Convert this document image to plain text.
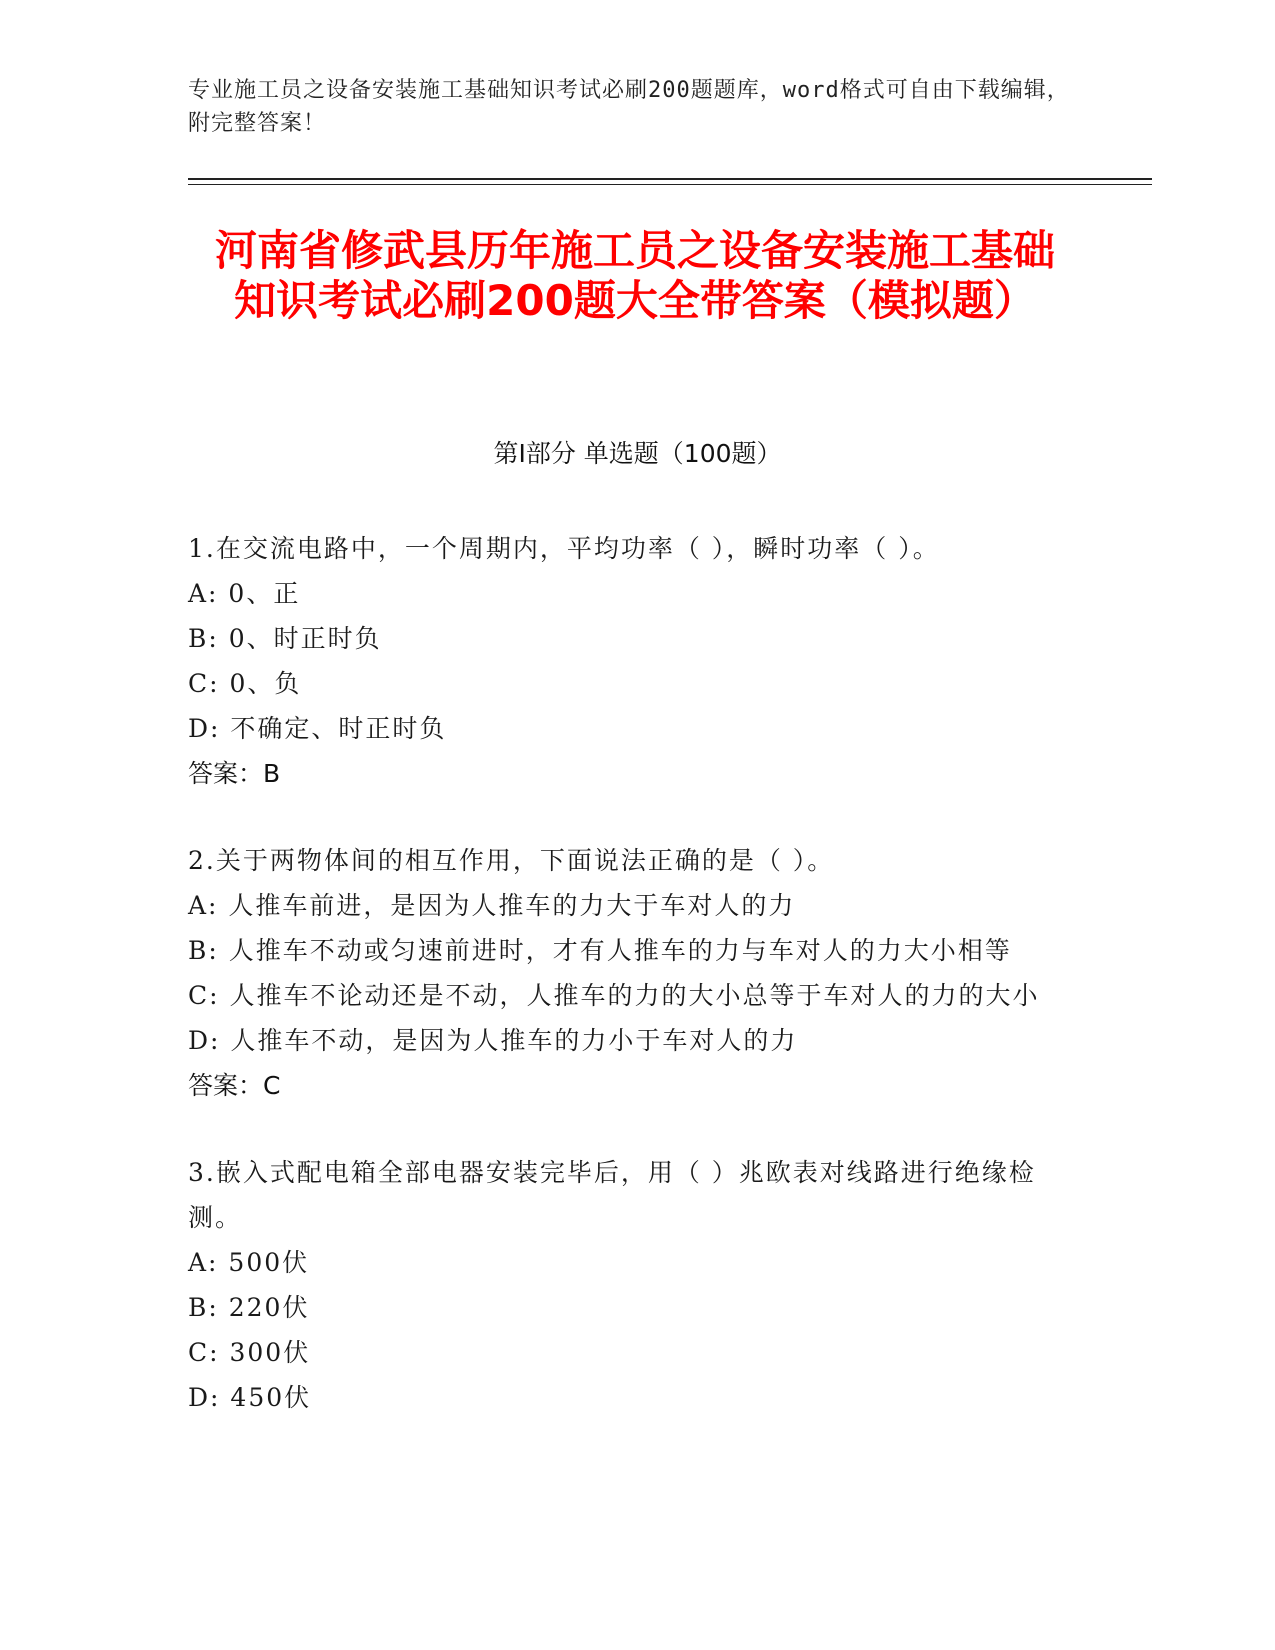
专业施工员之设备安装施工基础知识考试必刷200题题库，word格式可自由下载编辑，附完整答案！
河南省修武县历年施工员之设备安装施工基础知识考试必刷200题大全带答案（模拟题）
第Ⅰ部分 单选题（100题）
1.在交流电路中，一个周期内，平均功率（ ），瞬时功率（ ）。
A: 0、正
B: 0、时正时负
C: 0、负
D: 不确定、时正时负
答案：B
2.关于两物体间的相互作用，下面说法正确的是（ ）。
A: 人推车前进，是因为人推车的力大于车对人的力
B: 人推车不动或匀速前进时，才有人推车的力与车对人的力大小相等
C: 人推车不论动还是不动，人推车的力的大小总等于车对人的力的大小
D: 人推车不动，是因为人推车的力小于车对人的力
答案：C
3.嵌入式配电箱全部电器安装完毕后，用（ ）兆欧表对线路进行绝缘检测。
A: 500伏
B: 220伏
C: 300伏
D: 450伏
